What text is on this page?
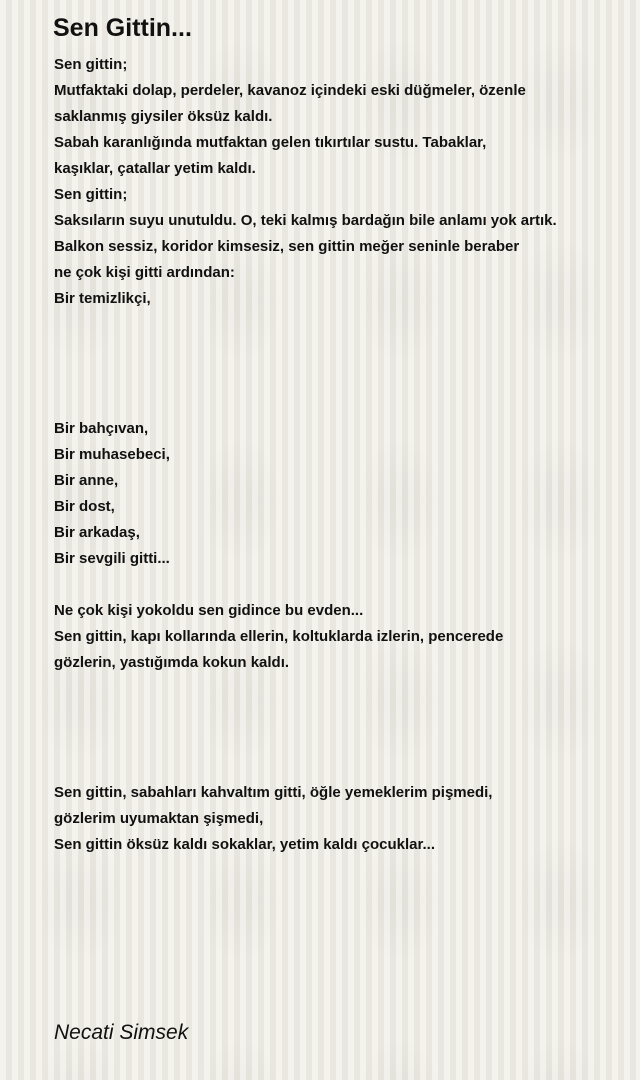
Sen Gittin...
Sen gittin;
Mutfaktaki dolap, perdeler, kavanoz içindeki eski düğmeler, özenle
saklanmış giysiler öksüz kaldı.
Sabah karanlığında mutfaktan gelen tıkırtılar sustu. Tabaklar,
kaşıklar, çatallar yetim kaldı.
Sen gittin;
Saksıların suyu unutuldu. O, teki kalmış bardağın bile anlamı yok artık.
Balkon sessiz, koridor kimsesiz, sen gittin meğer seninle beraber
ne çok kişi gitti ardından:
Bir temizlikçi,
Bir bahçıvan,
Bir muhasebeci,
Bir anne,
Bir dost,
Bir arkadaş,
Bir sevgili gitti...
Ne çok kişi yokoldu sen gidince bu evden...
Sen gittin, kapı kollarında ellerin, koltuklarda izlerin, pencerede
gözlerin, yastığımda kokun kaldı.
Sen gittin, sabahları kahvaltım gitti, öğle yemeklerim pişmedi,
gözlerim uyumaktan şişmedi,
Sen gittin öksüz kaldı sokaklar, yetim kaldı çocuklar...
Necati Simsek
